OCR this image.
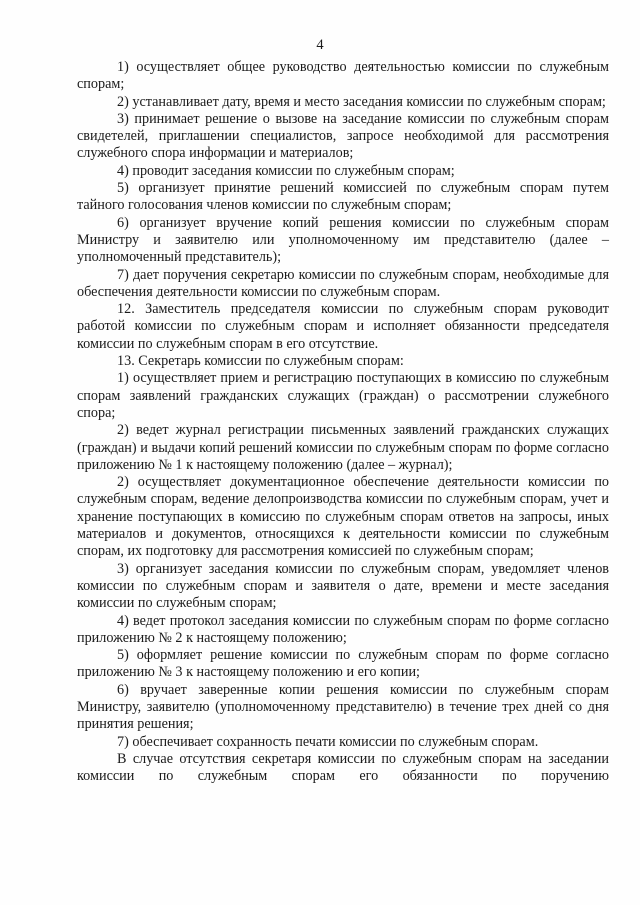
4

1) осуществляет общее руководство деятельностью комиссии по служебным спорам;

2) устанавливает дату, время и место заседания комиссии по служебным спорам;

3) принимает решение о вызове на заседание комиссии по служебным спорам свидетелей, приглашении специалистов, запросе необходимой для рассмотрения служебного спора информации и материалов;

4) проводит заседания комиссии по служебным спорам;

5) организует принятие решений комиссией по служебным спорам путем тайного голосования членов комиссии по служебным спорам;

6) организует вручение копий решения комиссии по служебным спорам Министру и заявителю или уполномоченному им представителю (далее – уполномоченный представитель);

7) дает поручения секретарю комиссии по служебным спорам, необходимые для обеспечения деятельности комиссии по служебным спорам.

12. Заместитель председателя комиссии по служебным спорам руководит работой комиссии по служебным спорам и исполняет обязанности председателя комиссии по служебным спорам в его отсутствие.

13. Секретарь комиссии по служебным спорам:

1) осуществляет прием и регистрацию поступающих в комиссию по служебным спорам заявлений гражданских служащих (граждан) о рассмотрении служебного спора;

2) ведет журнал регистрации письменных заявлений гражданских служащих (граждан) и выдачи копий решений комиссии по служебным спорам по форме согласно приложению № 1 к настоящему положению (далее – журнал);

2) осуществляет документационное обеспечение деятельности комиссии по служебным спорам, ведение делопроизводства комиссии по служебным спорам, учет и хранение поступающих в комиссию по служебным спорам ответов на запросы, иных материалов и документов, относящихся к деятельности комиссии по служебным спорам, их подготовку для рассмотрения комиссией по служебным спорам;

3) организует заседания комиссии по служебным спорам, уведомляет членов комиссии по служебным спорам и заявителя о дате, времени и месте заседания комиссии по служебным спорам;

4) ведет протокол заседания комиссии по служебным спорам по форме согласно приложению № 2 к настоящему положению;

5) оформляет решение комиссии по служебным спорам по форме согласно приложению № 3 к настоящему положению и его копии;

6) вручает заверенные копии решения комиссии по служебным спорам Министру, заявителю (уполномоченному представителю) в течение трех дней со дня принятия решения;

7) обеспечивает сохранность печати комиссии по служебным спорам.

В случае отсутствия секретаря комиссии по служебным спорам на заседании комиссии по служебным спорам его обязанности по поручению
